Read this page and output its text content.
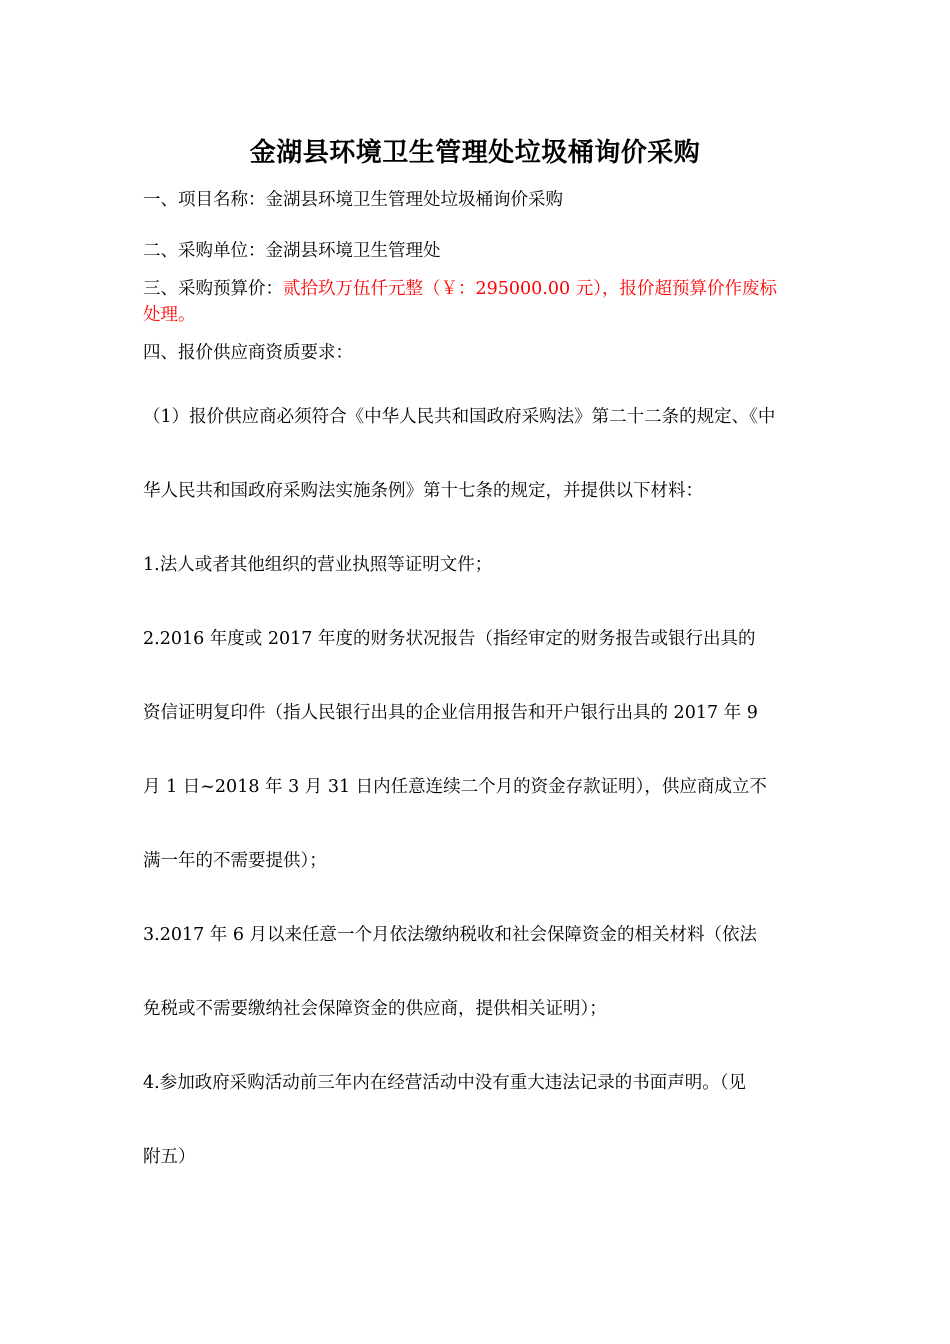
金湖县环境卫生管理处垃圾桶询价采购
一、项目名称：金湖县环境卫生管理处垃圾桶询价采购
二、采购单位：金湖县环境卫生管理处
三、采购预算价：贰拾玖万伍仟元整（￥：295000.00 元），报价超预算价作废标
处理。
四、报价供应商资质要求：
（1）报价供应商必须符合《中华人民共和国政府采购法》第二十二条的规定、《中
华人民共和国政府采购法实施条例》第十七条的规定，并提供以下材料：
1.法人或者其他组织的营业执照等证明文件；
2.2016 年度或 2017 年度的财务状况报告（指经审定的财务报告或银行出具的
资信证明复印件（指人民银行出具的企业信用报告和开户银行出具的 2017 年 9
月 1 日~2018 年 3 月 31 日内任意连续二个月的资金存款证明），供应商成立不
满一年的不需要提供）；
3.2017 年 6 月以来任意一个月依法缴纳税收和社会保障资金的相关材料（依法
免税或不需要缴纳社会保障资金的供应商，提供相关证明）；
4.参加政府采购活动前三年内在经营活动中没有重大违法记录的书面声明。（见
附五）
